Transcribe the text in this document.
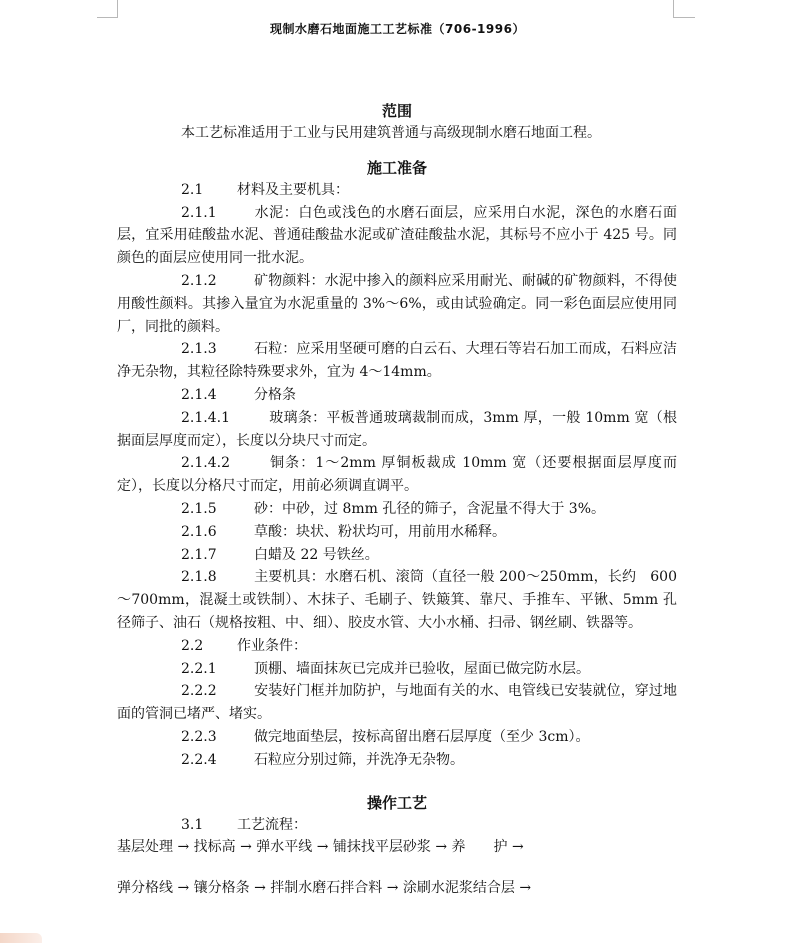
现制水磨石地面施工工艺标准（706-1996）
范围

本工艺标准适用于工业与民用建筑普通与高级现制水磨石地面工程。

施工准备

2.1 材料及主要机具：

2.1.1	水泥：白色或浅色的水磨石面层，应采用白水泥，深色的水磨石面层，宜采用硅酸盐水泥、普通硅酸盐水泥或矿渣硅酸盐水泥，其标号不应小于 425 号。同颜色的面层应使用同一批水泥。

2.1.2	矿物颜料：水泥中掺入的颜料应采用耐光、耐碱的矿物颜料，不得使用酸性颜料。其掺入量宜为水泥重量的 3%～6%，或由试验确定。同一彩色面层应使用同厂，同批的颜料。

2.1.3	石粒：应采用坚硬可磨的白云石、大理石等岩石加工而成，石料应洁净无杂物，其粒径除特殊要求外，宜为 4～14mm。

2.1.4	分格条

2.1.4.1	玻璃条：平板普通玻璃裁制而成，3mm 厚，一般 10mm 宽（根据面层厚度而定），长度以分块尺寸而定。

2.1.4.2	铜条：1～2mm 厚铜板裁成 10mm 宽（还要根据面层厚度而定），长度以分格尺寸而定，用前必须调直调平。

2.1.5	砂：中砂，过 8mm 孔径的筛子，含泥量不得大于 3%。

2.1.6	草酸：块状、粉状均可，用前用水稀释。

2.1.7	白蜡及 22 号铁丝。

2.1.8	主要机具：水磨石机、滚筒（直径一般 200～250mm，长约　600～700mm，混凝土或铁制）、木抹子、毛刷子、铁簸箕、靠尺、手推车、平锹、5mm 孔径筛子、油石（规格按粗、中、细）、胶皮水管、大小水桶、扫帚、钢丝刷、铁器等。

2.2 作业条件：

2.2.1	顶棚、墙面抹灰已完成并已验收，屋面已做完防水层。

2.2.2	安装好门框并加防护，与地面有关的水、电管线已安装就位，穿过地面的管洞已堵严、堵实。

2.2.3	做完地面垫层，按标高留出磨石层厚度（至少 3cm）。

2.2.4	石粒应分别过筛，并洗净无杂物。

操作工艺

3.1 工艺流程：

基层处理 → 找标高 → 弹水平线 → 铺抹找平层砂浆 → 养　　护 →

弹分格线 → 镶分格条 → 拌制水磨石拌合料 → 涂刷水泥浆结合层 →
